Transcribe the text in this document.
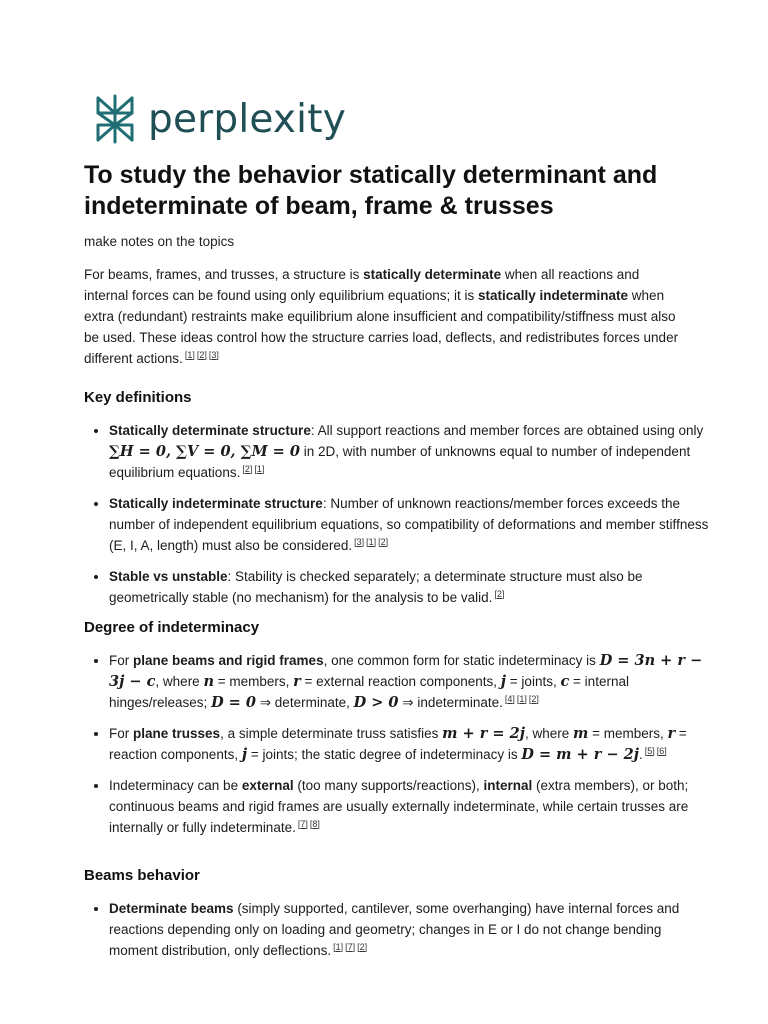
perplexity
To study the behavior statically determinant and indeterminate of beam, frame & trusses
make notes on the topics

For beams, frames, and trusses, a structure is statically determinate when all reactions and internal forces can be found using only equilibrium equations; it is statically indeterminate when extra (redundant) restraints make equilibrium alone insufficient and compatibility/stiffness must also be used. These ideas control how the structure carries load, deflects, and redistributes forces under different actions. [1] [2] [3]

Key definitions
• Statically determinate structure: All support reactions and member forces are obtained using only ∑H = 0, ∑V = 0, ∑M = 0 in 2D, with number of unknowns equal to number of independent equilibrium equations. [2] [1]
• Statically indeterminate structure: Number of unknown reactions/member forces exceeds the number of independent equilibrium equations, so compatibility of deformations and member stiffness (E, I, A, length) must also be considered. [3] [1] [2]
• Stable vs unstable: Stability is checked separately; a determinate structure must also be geometrically stable (no mechanism) for the analysis to be valid. [2]
Degree of indeterminacy
• For plane beams and rigid frames, one common form for static indeterminacy is D = 3n + r − 3j − c, where n = members, r = external reaction components, j = joints, c = internal hinges/releases; D = 0 ⇒ determinate, D > 0 ⇒ indeterminate. [4] [1] [2]
• For plane trusses, a simple determinate truss satisfies m + r = 2j, where m = members, r = reaction components, j = joints; the static degree of indeterminacy is D = m + r − 2j. [5] [6]
• Indeterminacy can be external (too many supports/reactions), internal (extra members), or both; continuous beams and rigid frames are usually externally indeterminate, while certain trusses are internally or fully indeterminate. [7] [8]
Beams behavior
• Determinate beams (simply supported, cantilever, some overhanging) have internal forces and reactions depending only on loading and geometry; changes in E or I do not change bending moment distribution, only deflections. [1] [7] [2]
